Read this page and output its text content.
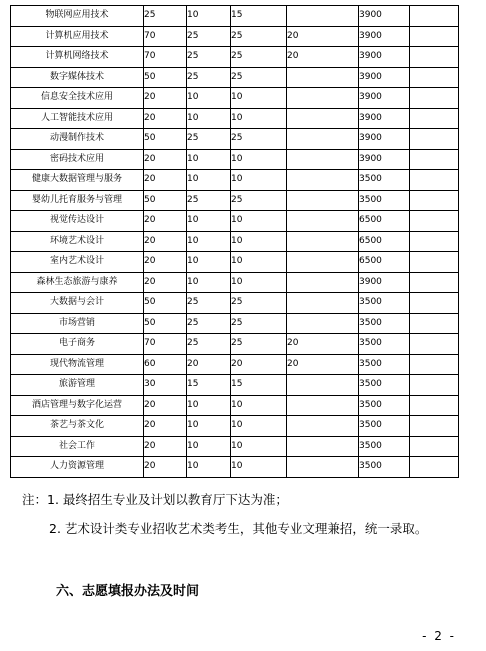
物联网应用技术	25	10	15		3900	
计算机应用技术	70	25	25	20	3900	
计算机网络技术	70	25	25	20	3900	
数字媒体技术	50	25	25		3900	
信息安全技术应用	20	10	10		3900	
人工智能技术应用	20	10	10		3900	
动漫制作技术	50	25	25		3900	
密码技术应用	20	10	10		3900	
健康大数据管理与服务	20	10	10		3500	
婴幼儿托育服务与管理	50	25	25		3500	
视觉传达设计	20	10	10		6500	
环境艺术设计	20	10	10		6500	
室内艺术设计	20	10	10		6500	
森林生态旅游与康养	20	10	10		3900	
大数据与会计	50	25	25		3500	
市场营销	50	25	25		3500	
电子商务	70	25	25	20	3500	
现代物流管理	60	20	20	20	3500	
旅游管理	30	15	15		3500	
酒店管理与数字化运营	20	10	10		3500	
茶艺与茶文化	20	10	10		3500	
社会工作	20	10	10		3500	
人力资源管理	20	10	10		3500	

注：1. 最终招生专业及计划以教育厅下达为准；

2. 艺术设计类专业招收艺术类考生，其他专业文理兼招，统一录取。

六、志愿填报办法及时间

- 2 -
